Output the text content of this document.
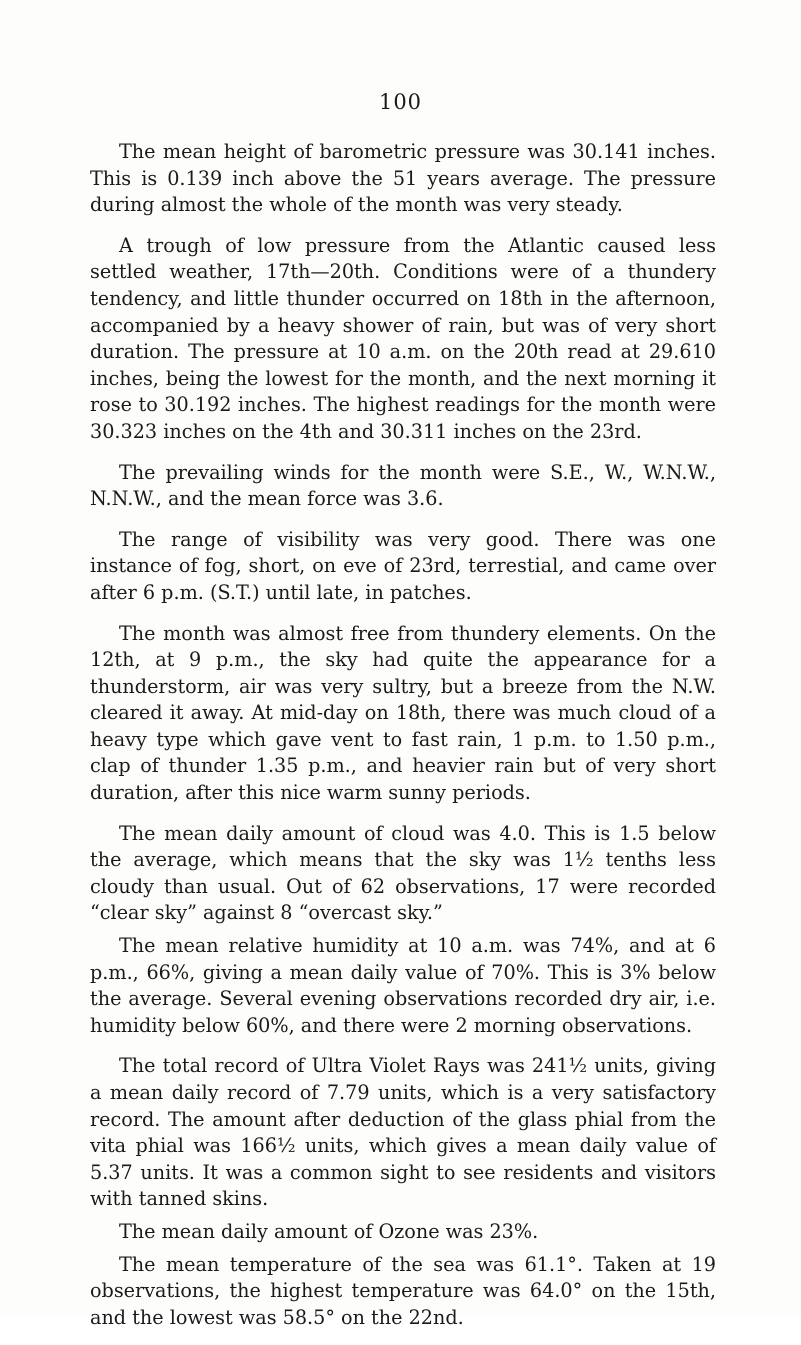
100

The mean height of barometric pressure was 30.141 inches. This is 0.139 inch above the 51 years average. The pressure during almost the whole of the month was very steady.

A trough of low pressure from the Atlantic caused less settled weather, 17th—20th. Conditions were of a thundery tendency, and little thunder occurred on 18th in the afternoon, accompanied by a heavy shower of rain, but was of very short duration. The pressure at 10 a.m. on the 20th read at 29.610 inches, being the lowest for the month, and the next morning it rose to 30.192 inches. The highest readings for the month were 30.323 inches on the 4th and 30.311 inches on the 23rd.

The prevailing winds for the month were S.E., W., W.N.W., N.N.W., and the mean force was 3.6.

The range of visibility was very good. There was one instance of fog, short, on eve of 23rd, terrestial, and came over after 6 p.m. (S.T.) until late, in patches.

The month was almost free from thundery elements. On the 12th, at 9 p.m., the sky had quite the appearance for a thunderstorm, air was very sultry, but a breeze from the N.W. cleared it away. At mid-day on 18th, there was much cloud of a heavy type which gave vent to fast rain, 1 p.m. to 1.50 p.m., clap of thunder 1.35 p.m., and heavier rain but of very short duration, after this nice warm sunny periods.

The mean daily amount of cloud was 4.0. This is 1.5 below the average, which means that the sky was 1½ tenths less cloudy than usual. Out of 62 observations, 17 were recorded “clear sky” against 8 “overcast sky.”

The mean relative humidity at 10 a.m. was 74%, and at 6 p.m., 66%, giving a mean daily value of 70%. This is 3% below the average. Several evening observations recorded dry air, i.e. humidity below 60%, and there were 2 morning observations.

The total record of Ultra Violet Rays was 241½ units, giving a mean daily record of 7.79 units, which is a very satisfactory record. The amount after deduction of the glass phial from the vita phial was 166½ units, which gives a mean daily value of 5.37 units. It was a common sight to see residents and visitors with tanned skins.

The mean daily amount of Ozone was 23%.

The mean temperature of the sea was 61.1°. Taken at 19 observations, the highest temperature was 64.0° on the 15th, and the lowest was 58.5° on the 22nd.
